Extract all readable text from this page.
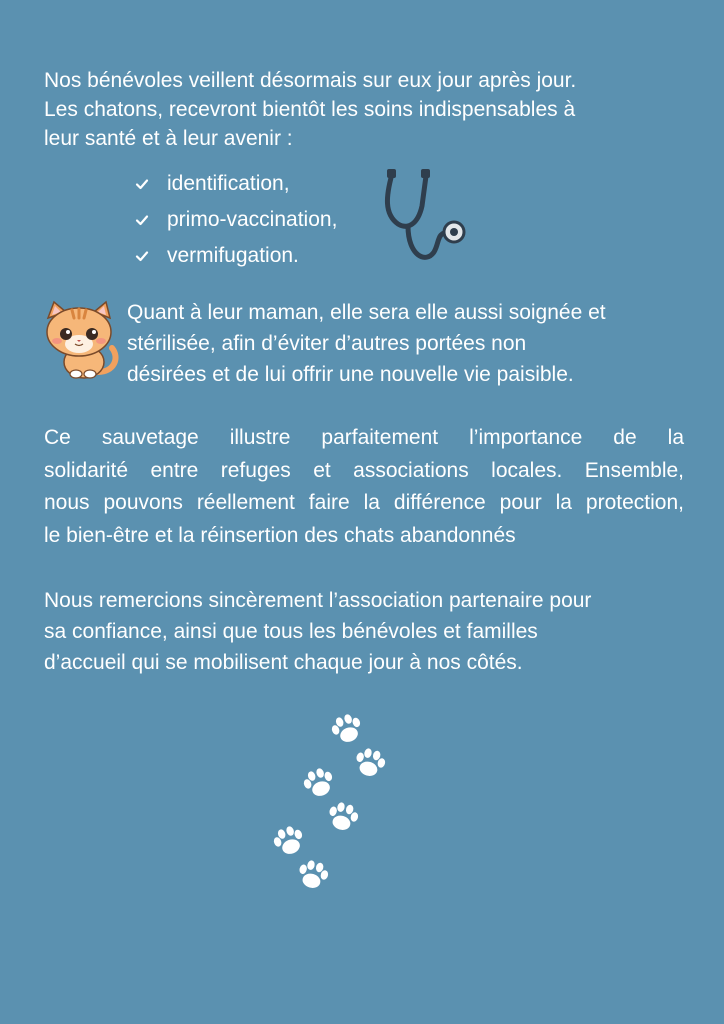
Nos bénévoles veillent désormais sur eux jour après jour.
Les chatons, recevront bientôt les soins indispensables à
leur santé et à leur avenir :

identification,
primo-vaccination,
vermifugation.

Quant à leur maman, elle sera elle aussi soignée et
stérilisée, afin d’éviter d’autres portées non
désirées et de lui offrir une nouvelle vie paisible.

Ce sauvetage illustre parfaitement l’importance de la
solidarité entre refuges et associations locales. Ensemble,
nous pouvons réellement faire la différence pour la protection,
le bien-être et la réinsertion des chats abandonnés

Nous remercions sincèrement l’association partenaire pour
sa confiance, ainsi que tous les bénévoles et familles
d’accueil qui se mobilisent chaque jour à nos côtés.
